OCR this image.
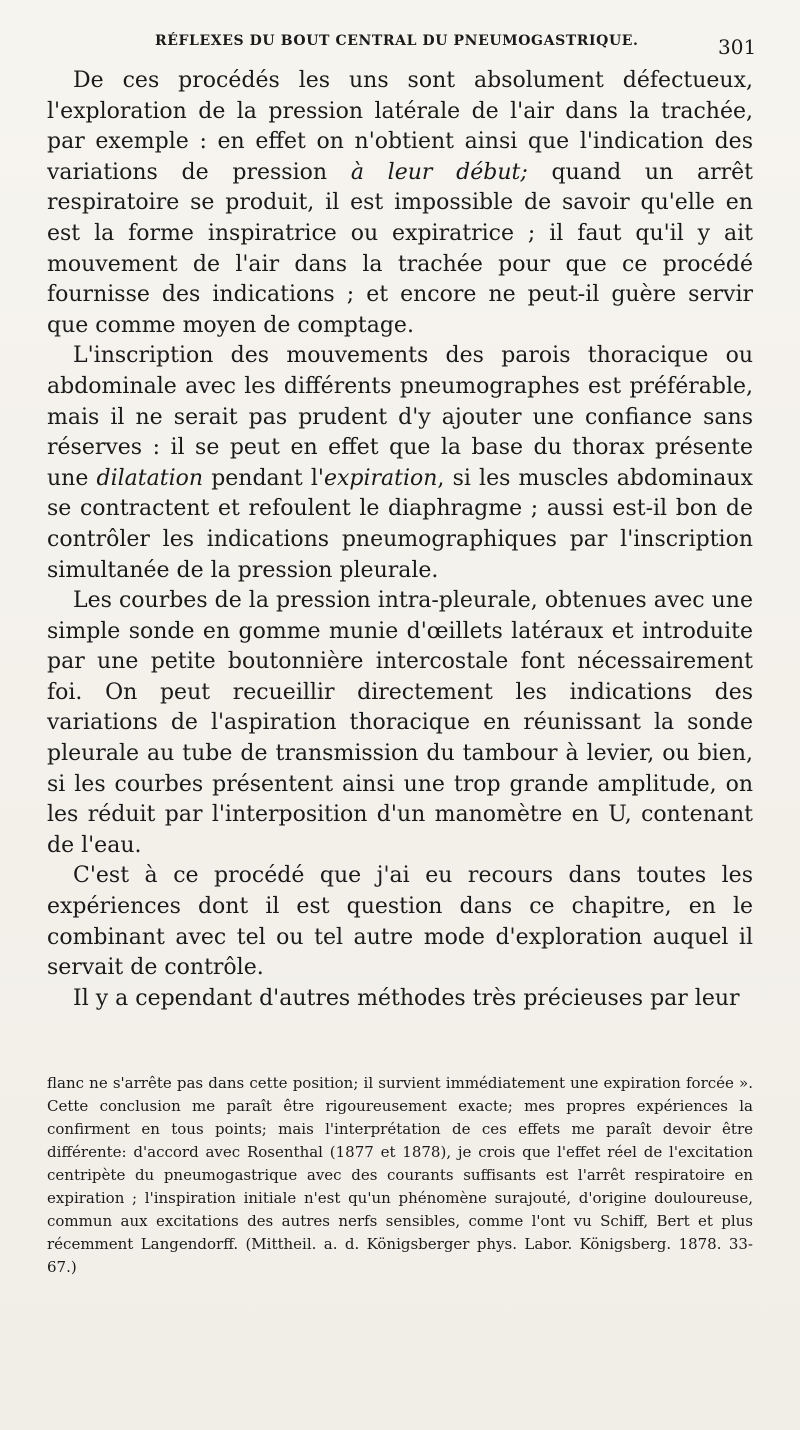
RÉFLEXES DU BOUT CENTRAL DU PNEUMOGASTRIQUE.	301

De ces procédés les uns sont absolument défectueux, l'exploration de la pression latérale de l'air dans la trachée, par exemple : en effet on n'obtient ainsi que l'indication des variations de pression à leur début; quand un arrêt respiratoire se produit, il est impossible de savoir qu'elle en est la forme inspiratrice ou expiratrice ; il faut qu'il y ait mouvement de l'air dans la trachée pour que ce procédé fournisse des indications ; et encore ne peut-il guère servir que comme moyen de comptage.

L'inscription des mouvements des parois thoracique ou abdominale avec les différents pneumographes est préférable, mais il ne serait pas prudent d'y ajouter une confiance sans réserves : il se peut en effet que la base du thorax présente une dilatation pendant l'expiration, si les muscles abdominaux se contractent et refoulent le diaphragme ; aussi est-il bon de contrôler les indications pneumographiques par l'inscription simultanée de la pression pleurale.

Les courbes de la pression intra-pleurale, obtenues avec une simple sonde en gomme munie d'œillets latéraux et introduite par une petite boutonnière intercostale font nécessairement foi. On peut recueillir directement les indications des variations de l'aspiration thoracique en réunissant la sonde pleurale au tube de transmission du tambour à levier, ou bien, si les courbes présentent ainsi une trop grande amplitude, on les réduit par l'interposition d'un manomètre en U, contenant de l'eau.

C'est à ce procédé que j'ai eu recours dans toutes les expériences dont il est question dans ce chapitre, en le combinant avec tel ou tel autre mode d'exploration auquel il servait de contrôle.

Il y a cependant d'autres méthodes très précieuses par leur

flanc ne s'arrête pas dans cette position; il survient immédiatement une expiration forcée ». Cette conclusion me paraît être rigoureusement exacte; mes propres expériences la confirment en tous points; mais l'interprétation de ces effets me paraît devoir être différente: d'accord avec Rosenthal (1877 et 1878), je crois que l'effet réel de l'excitation centripète du pneumogastrique avec des courants suffisants est l'arrêt respiratoire en expiration ; l'inspiration initiale n'est qu'un phénomène surajouté, d'origine douloureuse, commun aux excitations des autres nerfs sensibles, comme l'ont vu Schiff, Bert et plus récemment Langendorff. (Mittheil. a. d. Königsberger phys. Labor. Königsberg. 1878. 33-67.)
